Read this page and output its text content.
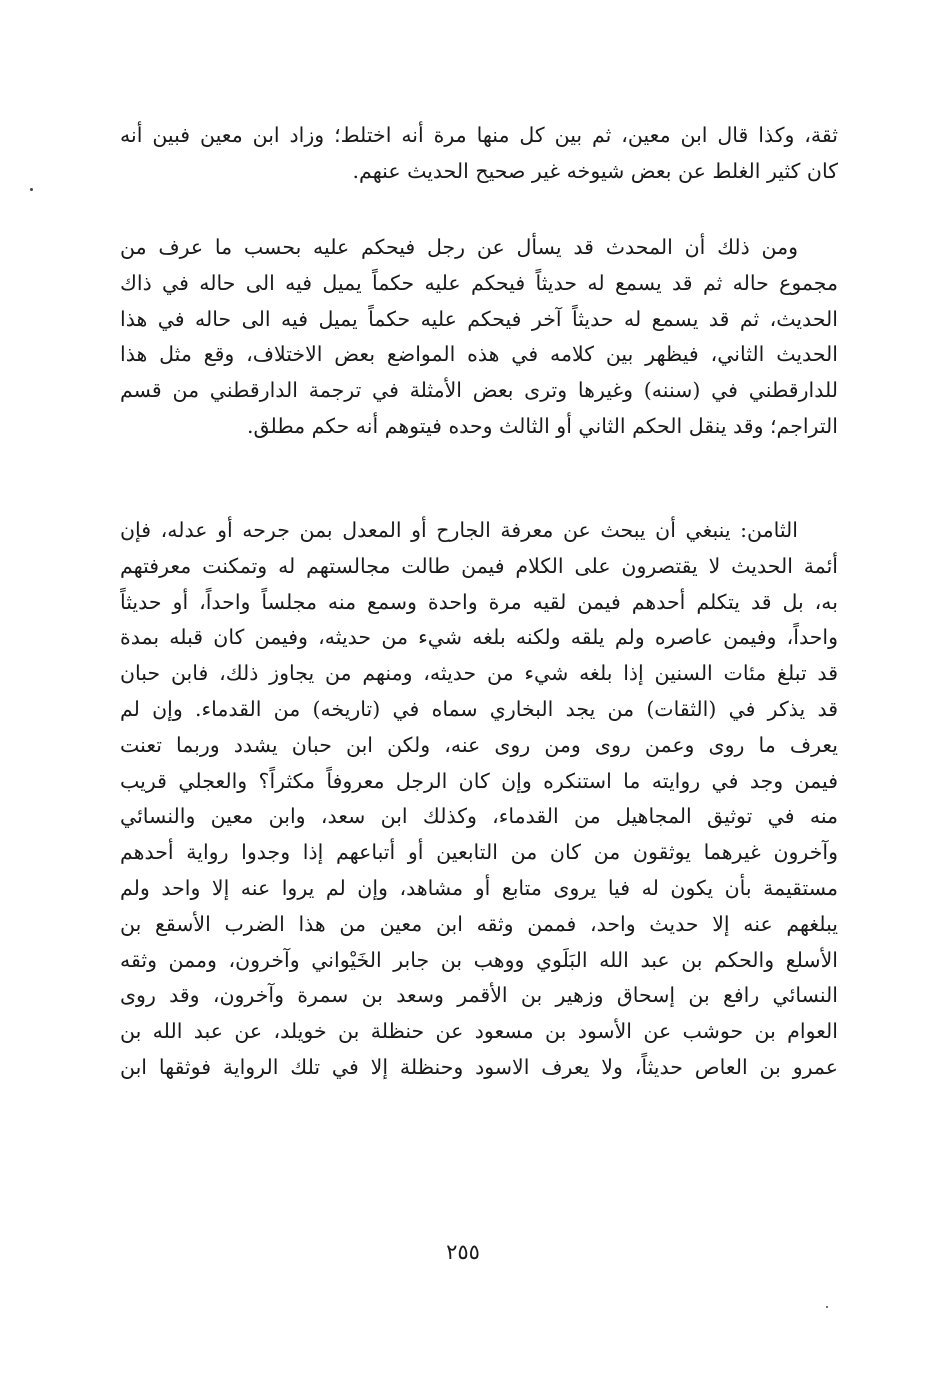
ثقة، وكذا قال ابن معين، ثم بين كل منها مرة أنه اختلط؛ وزاد ابن معين فبين أنه
كان كثير الغلط عن بعض شيوخه غير صحيح الحديث عنهم.
ومن ذلك أن المحدث قد يسأل عن رجل فيحكم عليه بحسب ما عرف من
مجموع حاله ثم قد يسمع له حديثاً فيحكم عليه حكماً يميل فيه الى حاله في ذاك
الحديث، ثم قد يسمع له حديثاً آخر فيحكم عليه حكماً يميل فيه الى حاله في هذا
الحديث الثاني، فيظهر بين كلامه في هذه المواضع بعض الاختلاف، وقع مثل هذا
للدارقطني في (سننه) وغيرها وترى بعض الأمثلة في ترجمة الدارقطني من قسم
التراجم؛ وقد ينقل الحكم الثاني أو الثالث وحده فيتوهم أنه حكم مطلق.
الثامن: ينبغي أن يبحث عن معرفة الجارح أو المعدل بمن جرحه أو عدله، فإن
أئمة الحديث لا يقتصرون على الكلام فيمن طالت مجالستهم له وتمكنت معرفتهم
به، بل قد يتكلم أحدهم فيمن لقيه مرة واحدة وسمع منه مجلساً واحداً، أو حديثاً
واحداً، وفيمن عاصره ولم يلقه ولكنه بلغه شيء من حديثه، وفيمن كان قبله بمدة
قد تبلغ مئات السنين إذا بلغه شيء من حديثه، ومنهم من يجاوز ذلك، فابن حبان
قد يذكر في (الثقات) من يجد البخاري سماه في (تاريخه) من القدماء. وإن لم
يعرف ما روى وعمن روى ومن روى عنه، ولكن ابن حبان يشدد وربما تعنت
فيمن وجد في روايته ما استنكره وإن كان الرجل معروفاً مكثراً؟ والعجلي قريب
منه في توثيق المجاهيل من القدماء، وكذلك ابن سعد، وابن معين والنسائي
وآخرون غيرهما يوثقون من كان من التابعين أو أتباعهم إذا وجدوا رواية أحدهم
مستقيمة بأن يكون له فيا يروى متابع أو مشاهد، وإن لم يروا عنه إلا واحد ولم
يبلغهم عنه إلا حديث واحد، فممن وثقه ابن معين من هذا الضرب الأسقع بن
الأسلع والحكم بن عبد الله البَلَوي ووهب بن جابر الخَيْواني وآخرون، وممن وثقه
النسائي رافع بن إسحاق وزهير بن الأقمر وسعد بن سمرة وآخرون، وقد روى
العوام بن حوشب عن الأسود بن مسعود عن حنظلة بن خويلد، عن عبد الله بن
عمرو بن العاص حديثاً، ولا يعرف الاسود وحنظلة إلا في تلك الرواية فوثقها ابن
٢٥٥
